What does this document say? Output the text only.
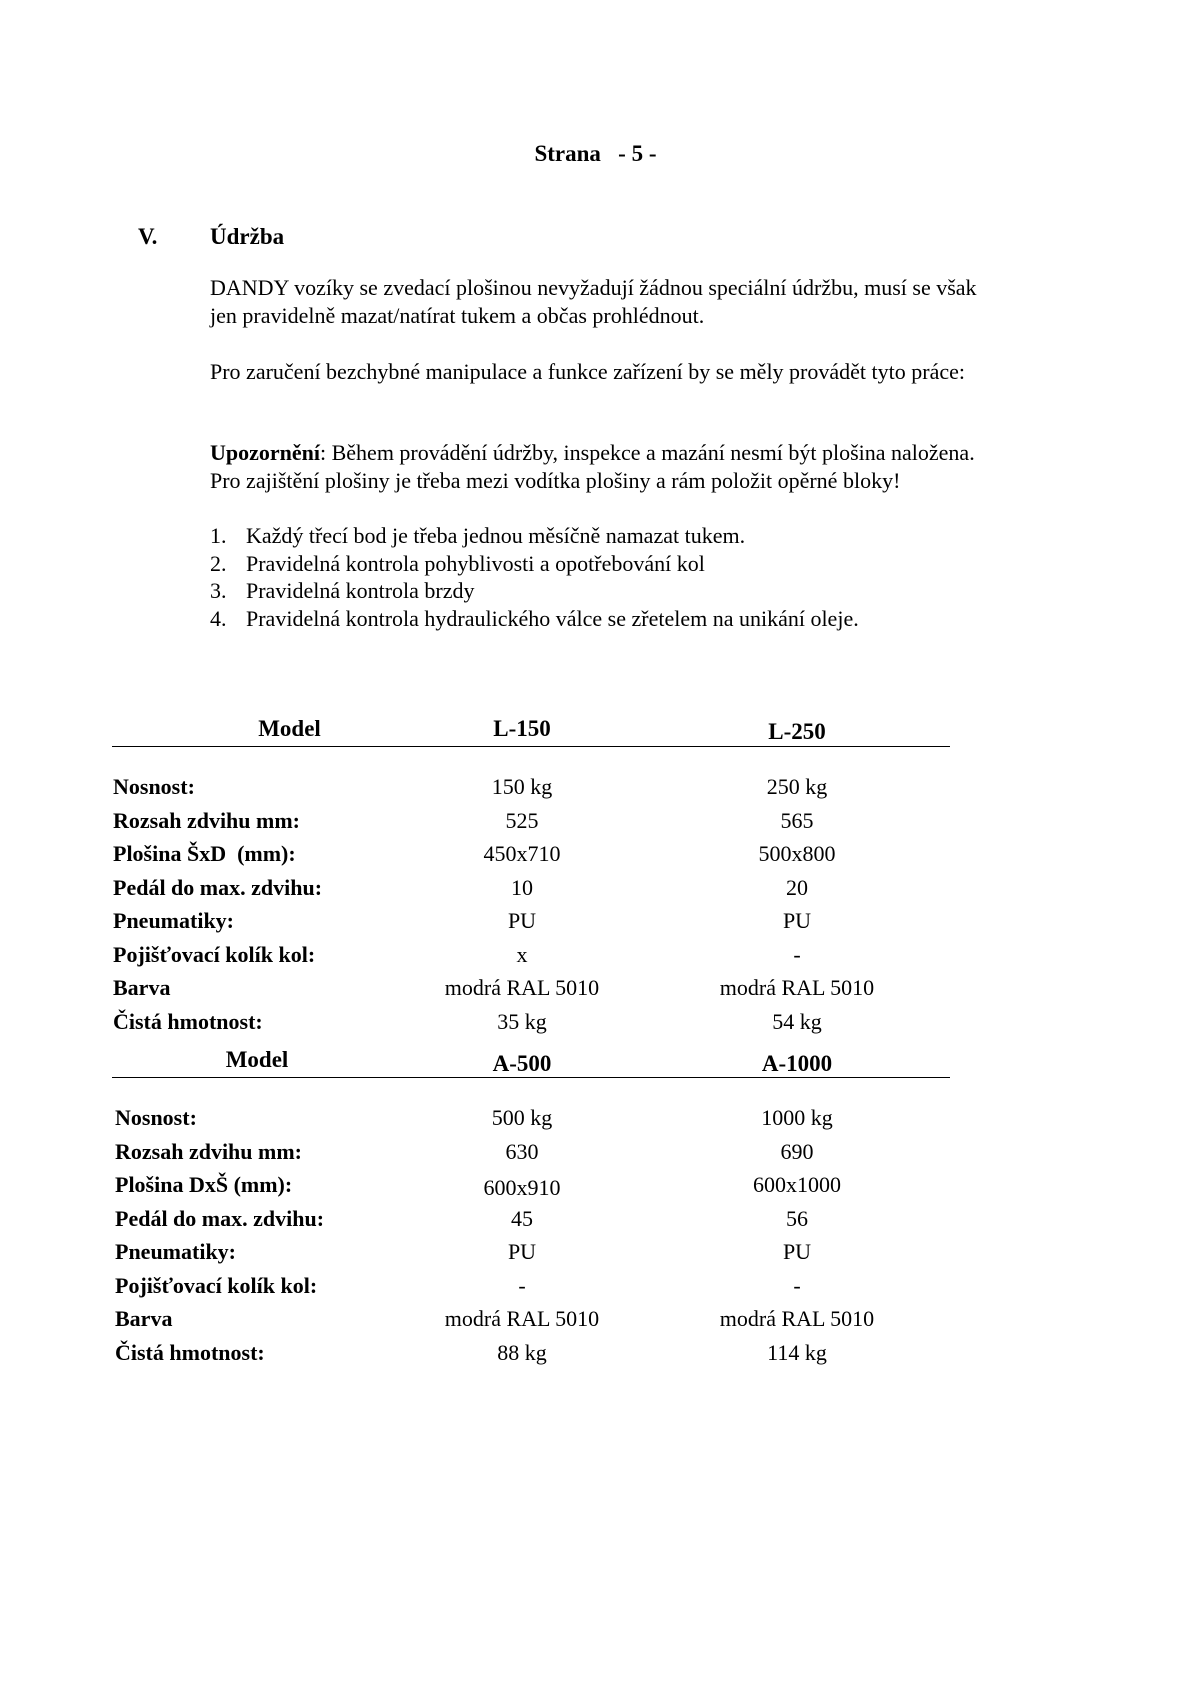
Strana   - 5 -
V. Údržba
DANDY vozíky se zvedací plošinou nevyžadují žádnou speciální údržbu, musí se však
jen pravidelně mazat/natírat tukem a občas prohlédnout.
Pro zaručení bezchybné manipulace a funkce zařízení by se měly provádět tyto práce:
Upozornění: Během provádění údržby, inspekce a mazání nesmí být plošina naložena.
Pro zajištění plošiny je třeba mezi vodítka plošiny a rám položit opěrné bloky!
1. Každý třecí bod je třeba jednou měsíčně namazat tukem.
2. Pravidelná kontrola pohyblivosti a opotřebování kol
3. Pravidelná kontrola brzdy
4. Pravidelná kontrola hydraulického válce se zřetelem na unikání oleje.
Model	L-150	L-250
Nosnost:	150 kg	250 kg
Rozsah zdvihu mm:	525	565
Plošina ŠxD  (mm):	450x710	500x800
Pedál do max. zdvihu:	10	20
Pneumatiky:	PU	PU
Pojišťovací kolík kol:	x	-
Barva	modrá RAL 5010	modrá RAL 5010
Čistá hmotnost:	35 kg	54 kg
Model	A-500	A-1000
Nosnost:	500 kg	1000 kg
Rozsah zdvihu mm:	630	690
Plošina DxŠ (mm):	600x910	600x1000
Pedál do max. zdvihu:	45	56
Pneumatiky:	PU	PU
Pojišťovací kolík kol:	-	-
Barva	modrá RAL 5010	modrá RAL 5010
Čistá hmotnost:	88 kg	114 kg
